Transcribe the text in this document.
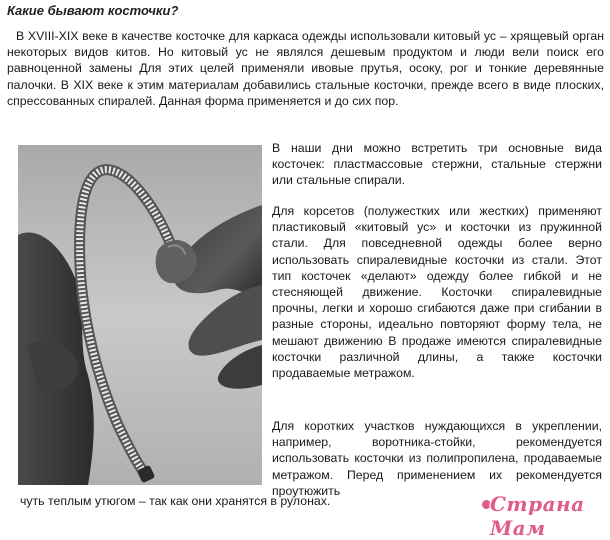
Какие бывают косточки?

В XVIII-XIX веке в качестве косточке для каркаса одежды использовали китовый ус – хрящевый орган некоторых видов китов. Но китовый ус не являлся дешевым продуктом и люди вели поиск его равноценной замены Для этих целей применяли ивовые прутья, осоку, рог и тонкие деревянные палочки. В XIX веке к этим материалам добавились стальные косточки, прежде всего в виде плоских, спрессованных спиралей. Данная форма применяется и до сих пор.

В наши дни можно встретить три основные вида косточек: пластмассовые стержни, стальные стержни или стальные спирали.

Для корсетов (полужестких или жестких) применяют пластиковый «китовый ус» и косточки из пружинной стали. Для повседневной одежды более верно использовать спиралевидные косточки из стали. Этот тип косточек «делают» одежду более гибкой и не стесняющей движение. Косточки спиралевидные прочны, легки и хорошо сгибаются даже при сгибании в разные стороны, идеально повторяют форму тела, не мешают движению В продаже имеются спиралевидные косточки различной длины, а также косточки продаваемые метражом.

Для коротких участков нуждающихся в укреплении, например, воротника-стойки, рекомендуется использовать косточки из полипропилена, продаваемые метражом. Перед применением их рекомендуется проутюжить

чуть теплым утюгом – так как они хранятся в рулонах.	Страна Мам
